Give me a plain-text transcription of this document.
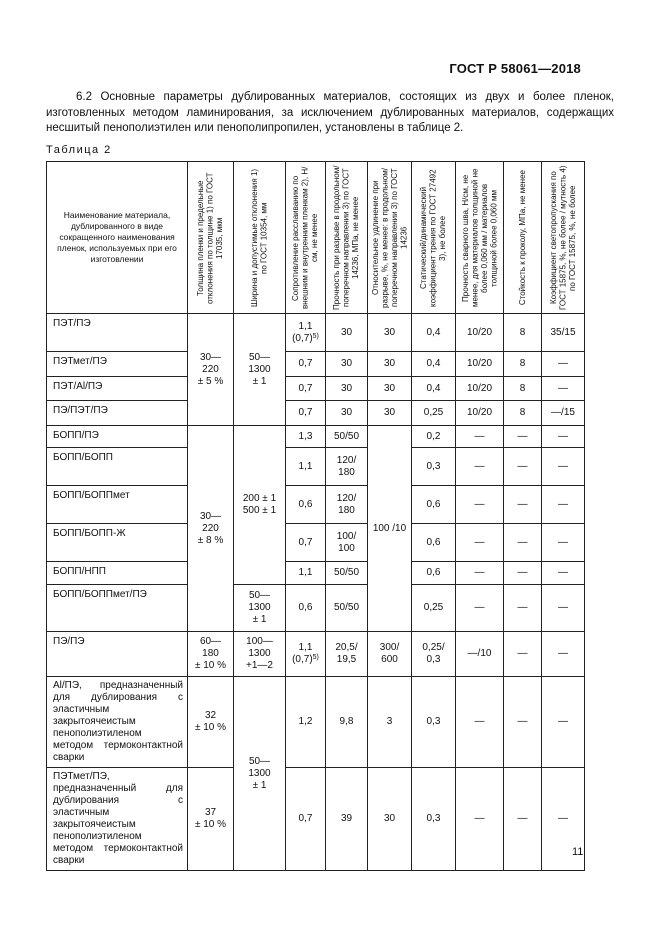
ГОСТ Р 58061—2018
6.2 Основные параметры дублированных материалов, состоящих из двух и более пленок, изготовленных методом ламинирования, за исключением дублированных материалов, содержащих несшитый пенополиэтилен или пенополипропилен, установлены в таблице 2.
Таблица 2
Наименование материала, дублированного в виде сокращенного наименования пленок, используемых при его изготовлении	Толщина пленки и предельные отклонения по толщине 1) по ГОСТ 17035, мкм	Ширина и допустимые отклонения 1) по ГОСТ 10354, мм	Сопротивление расслаиванию по внешним и внутренним пленкам 2), Н/см, не менее	Прочность при разрыве в продольном/поперечном направлении 3) по ГОСТ 14236, МПа, не менее	Относительное удлинение при разрыве, %, не менее: в продольном/поперечном направлении 3) по ГОСТ 14236	Статический/динамический коэффициент трения по ГОСТ 27492 3), не более	Прочность сварного шва, Н/см, не менее, для материалов толщиной не более 0,060 мм / материалов толщиной более 0,060 мм	Стойкость к проколу, МПа, не менее	Коэффициент светопропускания по ГОСТ 15875, %, не более / мутность 4) по ГОСТ 15875, %, не более

ПЭТ/ПЭ	30—
220
± 5 %	50—
1300
± 1	1,1
$(0,7)^{5)}$	30	30	0,4	10/20	8	35/15
ПЭТмет/ПЭ			0,7	30	30	0,4	10/20	8	—
ПЭТ/Al/ПЭ			0,7	30	30	0,4	10/20	8	—
ПЭ/ПЭТ/ПЭ			0,7	30	30	0,25	10/20	8	—/15
БОПП/ПЭ	30—
220
± 8 %	200 ± 1
500 ± 1	1,3	50/50	100 /10	0,2	—	—	—
БОПП/БОПП			1,1	120/
180		0,3	—	—	—
БОПП/БОППмет			0,6	120/
180		0,6	—	—	—
БОПП/БОПП-Ж			0,7	100/
100		0,6	—	—	—
БОПП/НПП			1,1	50/50		0,6	—	—	—
БОПП/БОППмет/ПЭ		50—
1300
± 1	0,6	50/50		0,25	—	—	—
ПЭ/ПЭ	60—
180
± 10 %	100—
1300
+1—2	1,1
$(0,7)^{5)}$	20,5/
19,5	300/
600	0,25/
0,3	—/10	—	—
Al/ПЭ, предназначенный для дублирования с эластичным закрытоячеистым пенополиэтиленом методом термоконтактной сварки	32
± 10 %	50—
1300
± 1	1,2	9,8	3	0,3	—	—	—
ПЭТмет/ПЭ, предназначенный для дублирования с эластичным закрытоячеистым пенополиэтиленом методом термоконтактной сварки	37
± 10 %		0,7	39	30	0,3	—	—	—
11
